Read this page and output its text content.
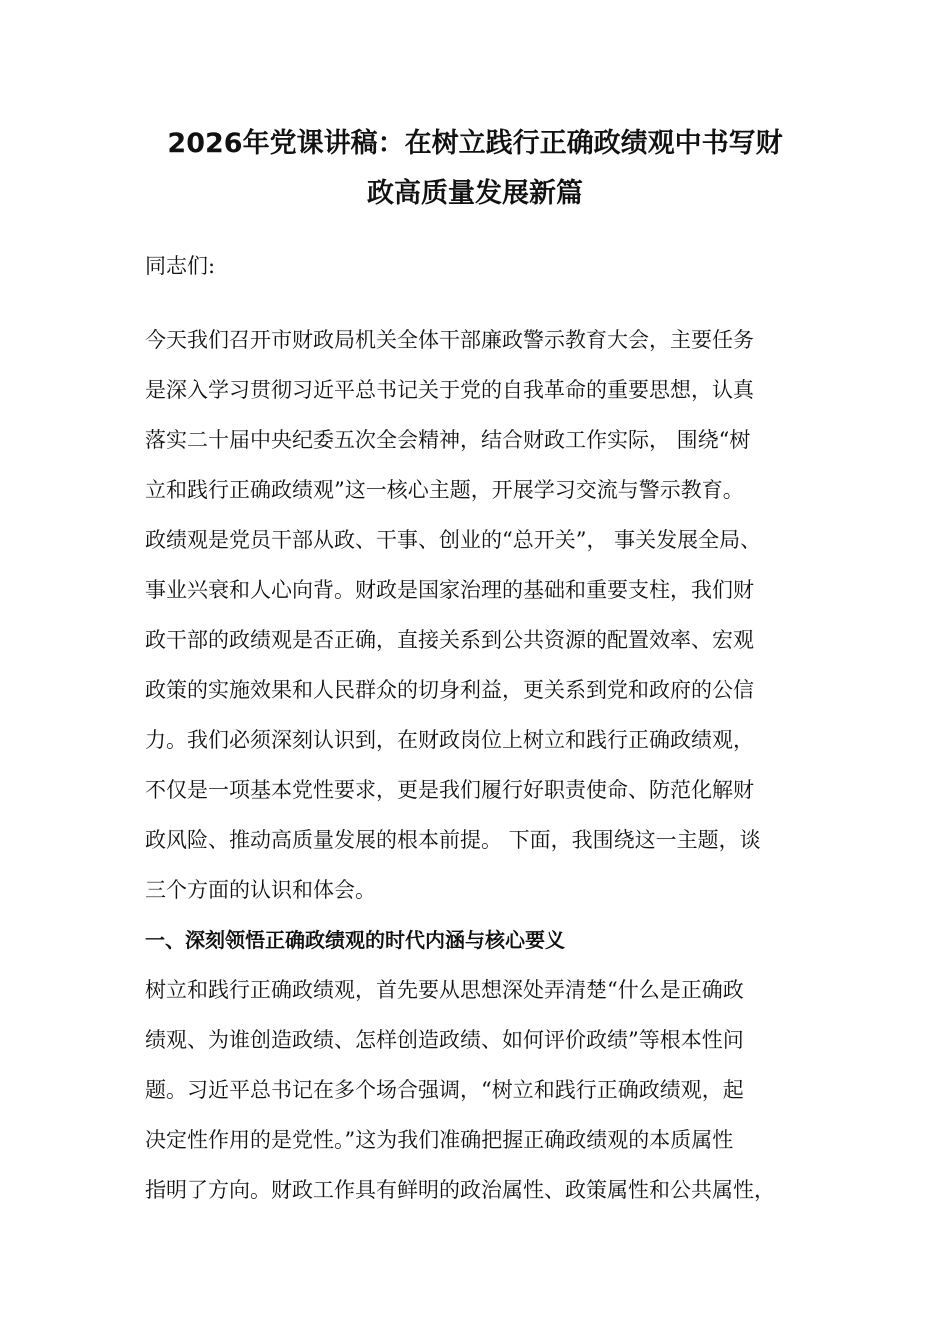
2026年党课讲稿：在树立践行正确政绩观中书写财
政高质量发展新篇

同志们:

今天我们召开市财政局机关全体干部廉政警示教育大会，主要任务

是深入学习贯彻习近平总书记关于党的自我革命的重要思想，认真

落实二十届中央纪委五次全会精神，结合财政工作实际， 围绕“树

立和践行正确政绩观”这一核心主题，开展学习交流与警示教育。

政绩观是党员干部从政、干事、创业的“总开关”， 事关发展全局、

事业兴衰和人心向背。财政是国家治理的基础和重要支柱，我们财

政干部的政绩观是否正确，直接关系到公共资源的配置效率、宏观

政策的实施效果和人民群众的切身利益，更关系到党和政府的公信

力。我们必须深刻认识到，在财政岗位上树立和践行正确政绩观，

不仅是一项基本党性要求，更是我们履行好职责使命、防范化解财

政风险、推动高质量发展的根本前提。 下面，我围绕这一主题，谈

三个方面的认识和体会。

一、深刻领悟正确政绩观的时代内涵与核心要义

树立和践行正确政绩观，首先要从思想深处弄清楚“什么是正确政

绩观、为谁创造政绩、怎样创造政绩、如何评价政绩”等根本性问

题。习近平总书记在多个场合强调，“树立和践行正确政绩观，起

决定性作用的是党性。”这为我们准确把握正确政绩观的本质属性

指明了方向。财政工作具有鲜明的政治属性、政策属性和公共属性，
